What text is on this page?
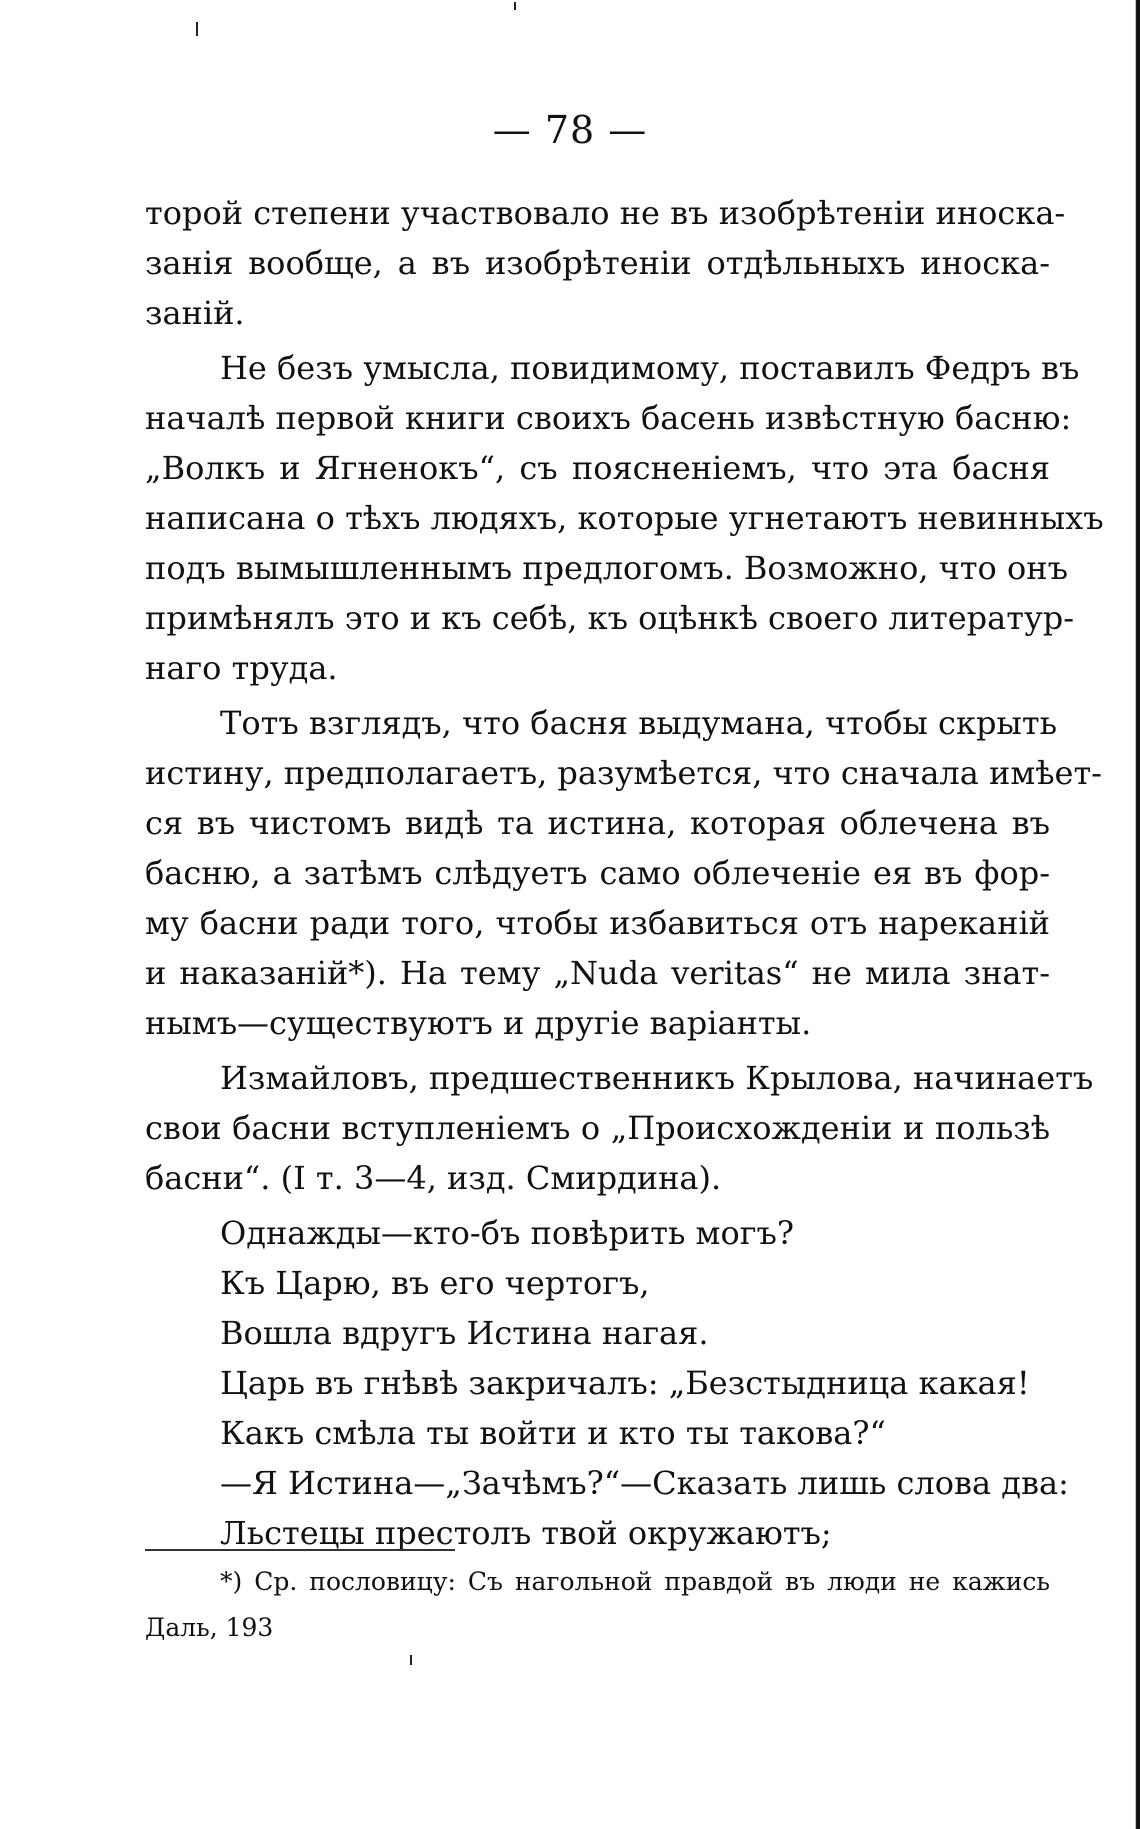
— 78 —
торой степени участвовало не въ изобрѣтеніи иноска-
занія вообще, а въ изобрѣтеніи отдѣльныхъ иноска-
заній.
Не безъ умысла, повидимому, поставилъ Федръ въ
началѣ первой книги своихъ басень извѣстную басню:
„Волкъ и Ягненокъ“, съ поясненіемъ, что эта басня
написана о тѣхъ людяхъ, которые угнетаютъ невинныхъ
подъ вымышленнымъ предлогомъ. Возможно, что онъ
примѣнялъ это и къ себѣ, къ оцѣнкѣ своего литератур-
наго труда.
Тотъ взглядъ, что басня выдумана, чтобы скрыть
истину, предполагаетъ, разумѣется, что сначала имѣет-
ся въ чистомъ видѣ та истина, которая облечена въ
басню, а затѣмъ слѣдуетъ само облеченіе ея въ фор-
му басни ради того, чтобы избавиться отъ нареканій
и наказаній*). На тему „Nuda veritas“ не мила знат-
нымъ—существуютъ и другіе варіанты.
Измайловъ, предшественникъ Крылова, начинаетъ
свои басни вступленіемъ о „Происхожденіи и пользѣ
басни“. (I т. 3—4, изд. Смирдина).
Однажды—кто-бъ повѣрить могъ?
Къ Царю, въ его чертогъ,
Вошла вдругъ Истина нагая.
Царь въ гнѣвѣ закричалъ: „Безстыдница какая!
Какъ смѣла ты войти и кто ты такова?“
—Я Истина—„Зачѣмъ?“—Сказать лишь слова два:
Льстецы престолъ твой окружаютъ;
*) Ср. пословицу: Съ нагольной правдой въ люди не кажись
Даль, 193
